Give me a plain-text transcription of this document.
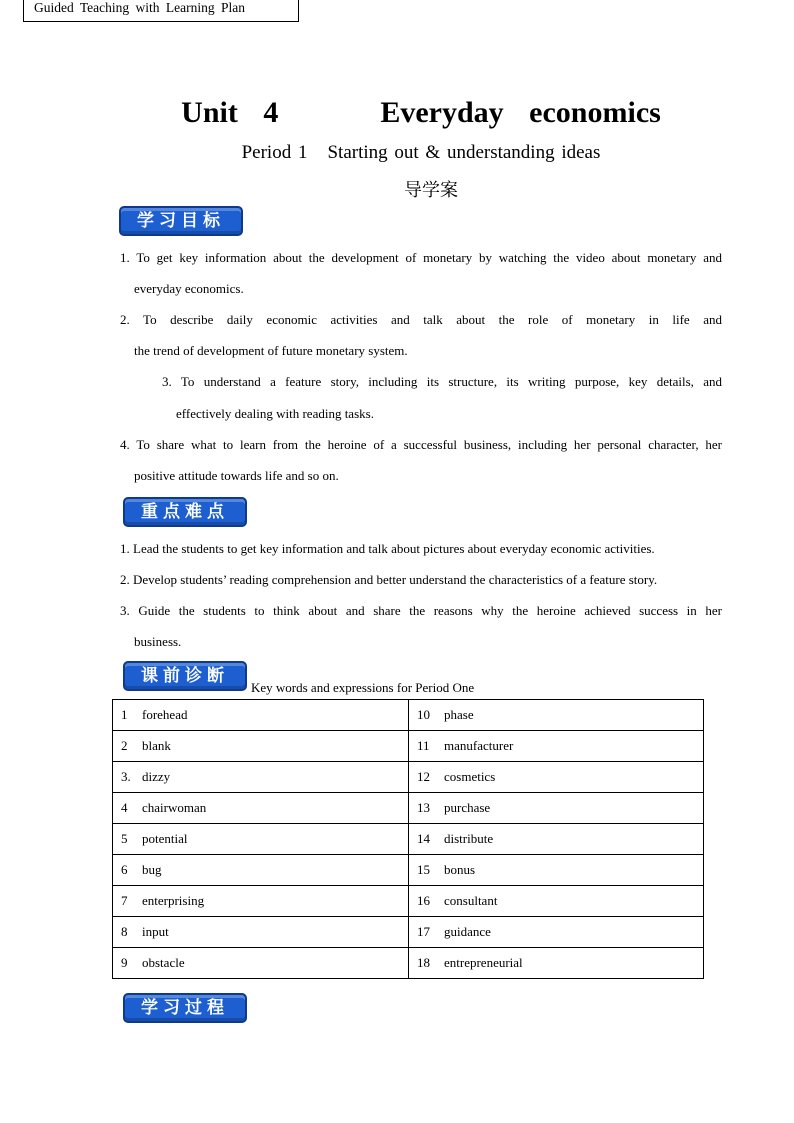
Guided Teaching with Learning Plan
Unit 4    Everyday economics
Period 1 Starting out & understanding ideas
导学案
学习目标
1. To get key information about the development of monetary by watching the video about monetary and
everyday economics.
2. To describe daily economic activities and talk about the role of monetary in life and
the trend of development of future monetary system.
3. To understand a feature story, including its structure, its writing purpose, key details, and
effectively dealing with reading tasks.
4. To share what to learn from the heroine of a successful business, including her personal character, her
positive attitude towards life and so on.
重点难点
1. Lead the students to get key information and talk about pictures about everyday economic activities.
2. Develop students’ reading comprehension and better understand the characteristics of a feature story.
3. Guide the students to think about and share the reasons why the heroine achieved success in her
business.
课前诊断
Key words and expressions for Period One
1 forehead	10 phase
2 blank	11 manufacturer
3. dizzy	12 cosmetics
4 chairwoman	13 purchase
5 potential	14 distribute
6 bug	15 bonus
7 enterprising	16 consultant
8 input	17 guidance
9 obstacle	18 entrepreneurial
学习过程
